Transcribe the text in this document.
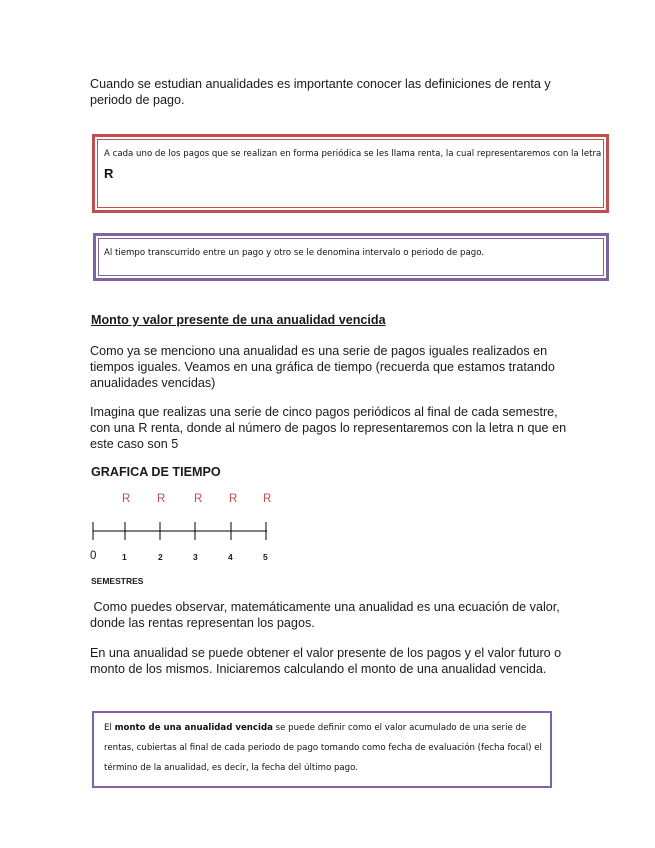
Cuando se estudian anualidades es importante conocer las definiciones de renta y periodo de pago.

A cada uno de los pagos que se realizan en forma periódica se les llama renta, la cual representaremos con la letra R

Al tiempo transcurrido entre un pago y otro se le denomina intervalo o periodo de pago.

Monto y valor presente de una anualidad vencida

Como ya se menciono una anualidad es una serie de pagos iguales realizados en tiempos iguales. Veamos en una gráfica de tiempo (recuerda que estamos tratando anualidades vencidas)

Imagina que realizas una serie de cinco pagos periódicos al final de cada semestre, con una R renta, donde al número de pagos lo representaremos con la letra n que en este caso son 5

GRAFICA DE TIEMPO
R R R R R
0	1	2	3	4	5

SEMESTRES

Como puedes observar, matemáticamente una anualidad es una ecuación de valor, donde las rentas representan los pagos.

En una anualidad se puede obtener el valor presente de los pagos y el valor futuro o monto de los mismos. Iniciaremos calculando el monto de una anualidad vencida.

El monto de una anualidad vencida se puede definir como el valor acumulado de una serie de rentas, cubiertas al final de cada periodo de pago tomando como fecha de evaluación (fecha focal) el término de la anualidad, es decir, la fecha del último pago.
